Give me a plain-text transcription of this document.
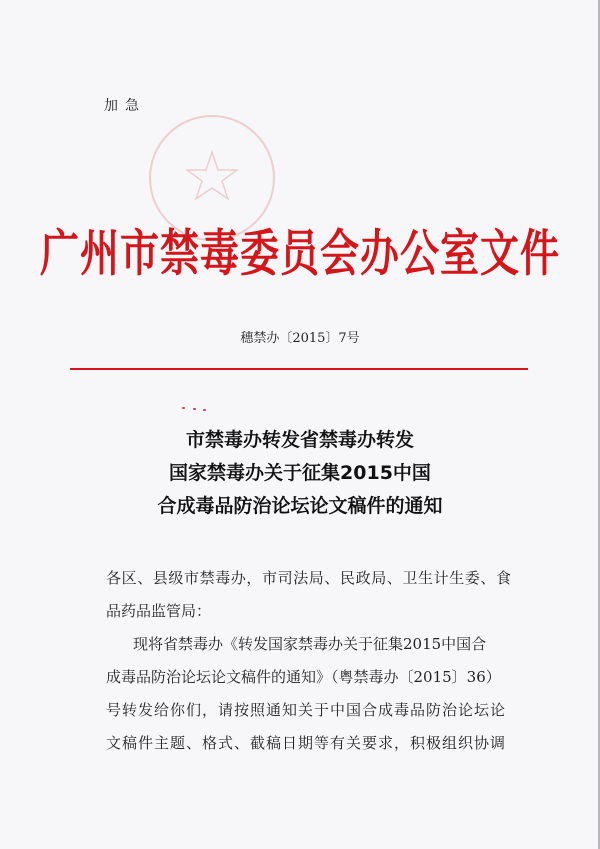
加急
广州市禁毒委员会办公室文件
穗禁办〔2015〕7号
市禁毒办转发省禁毒办转发
国家禁毒办关于征集2015中国
合成毒品防治论坛论文稿件的通知
各区、县级市禁毒办，市司法局、民政局、卫生计生委、食
品药品监管局：
现将省禁毒办《转发国家禁毒办关于征集2015中国合
成毒品防治论坛论文稿件的通知》（粤禁毒办〔2015〕36）
号转发给你们，请按照通知关于中国合成毒品防治论坛论
文稿件主题、格式、截稿日期等有关要求，积极组织协调
